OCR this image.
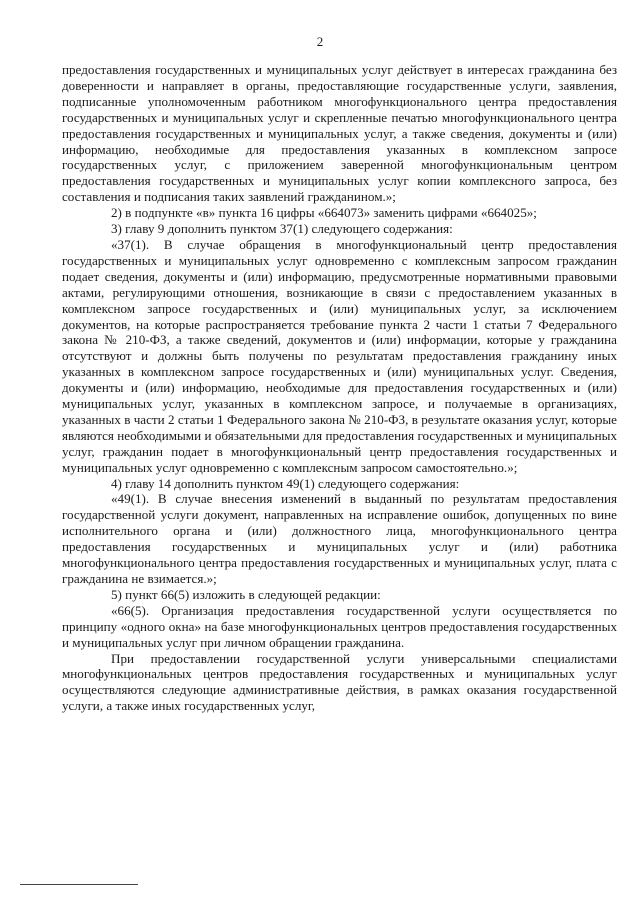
2

предоставления государственных и муниципальных услуг действует в интересах гражданина без доверенности и направляет в органы, предоставляющие государственные услуги, заявления, подписанные уполномоченным работником многофункционального центра предоставления государственных и муниципальных услуг и скрепленные печатью многофункционального центра предоставления государственных и муниципальных услуг, а также сведения, документы и (или) информацию, необходимые для предоставления указанных в комплексном запросе государственных услуг, с приложением заверенной многофункциональным центром предоставления государственных и муниципальных услуг копии комплексного запроса, без составления и подписания таких заявлений гражданином.»;

2) в подпункте «в» пункта 16 цифры «664073» заменить цифрами «664025»;

3) главу 9 дополнить пунктом 37(1) следующего содержания:

«37(1). В случае обращения в многофункциональный центр предоставления государственных и муниципальных услуг одновременно с комплексным запросом гражданин подает сведения, документы и (или) информацию, предусмотренные нормативными правовыми актами, регулирующими отношения, возникающие в связи с предоставлением указанных в комплексном запросе государственных и (или) муниципальных услуг, за исключением документов, на которые распространяется требование пункта 2 части 1 статьи 7 Федерального закона № 210-ФЗ, а также сведений, документов и (или) информации, которые у гражданина отсутствуют и должны быть получены по результатам предоставления гражданину иных указанных в комплексном запросе государственных и (или) муниципальных услуг. Сведения, документы и (или) информацию, необходимые для предоставления государственных и (или) муниципальных услуг, указанных в комплексном запросе, и получаемые в организациях, указанных в части 2 статьи 1 Федерального закона № 210-ФЗ, в результате оказания услуг, которые являются необходимыми и обязательными для предоставления государственных и муниципальных услуг, гражданин подает в многофункциональный центр предоставления государственных и муниципальных услуг одновременно с комплексным запросом самостоятельно.»;

4) главу 14 дополнить пунктом 49(1) следующего содержания:

«49(1). В случае внесения изменений в выданный по результатам предоставления государственной услуги документ, направленных на исправление ошибок, допущенных по вине исполнительного органа и (или) должностного лица, многофункционального центра предоставления государственных и муниципальных услуг и (или) работника многофункционального центра предоставления государственных и муниципальных услуг, плата с гражданина не взимается.»;

5) пункт 66(5) изложить в следующей редакции:

«66(5). Организация предоставления государственной услуги осуществляется по принципу «одного окна» на базе многофункциональных центров предоставления государственных и муниципальных услуг при личном обращении гражданина.

При предоставлении государственной услуги универсальными специалистами многофункциональных центров предоставления государственных и муниципальных услуг осуществляются следующие административные действия, в рамках оказания государственной услуги, а также иных государственных услуг,
